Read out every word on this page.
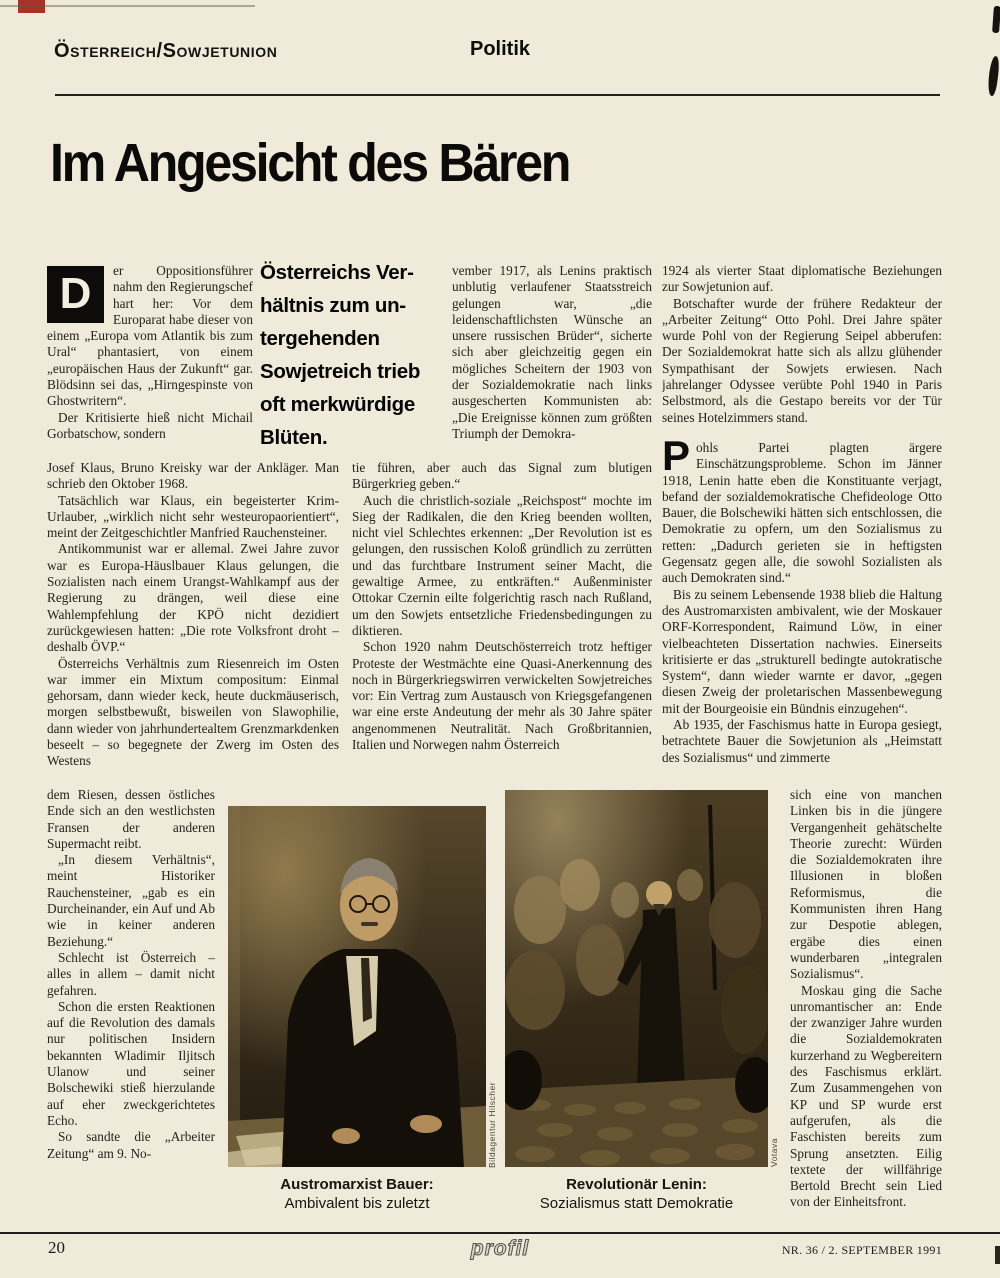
Österreich/Sowjetunion	Politik
Im Angesicht des Bären

Österreichs Ver-

hältnis zum un-

tergehenden

Sowjetreich trieb

oft merkwürdige

Blüten.

D	er Oppositionsführer nahm den Regierungschef hart her: Vor dem Europarat habe dieser von einem „Europa vom Atlantik bis zum Ural“ phantasiert, von einem „europäischen Haus der Zukunft“ gar. Blödsinn sei das, „Hirngespinste von Ghostwritern“.

Der Kritisierte hieß nicht Michail Gorbatschow, sondern

vember 1917, als Lenins praktisch unblutig verlaufener Staatsstreich gelungen war, „die leidenschaftlichsten Wünsche an unsere russischen Brüder“, sicherte sich aber gleichzeitig gegen ein mögliches Scheitern der 1903 von der Sozialdemokratie nach links ausgescherten Kommunisten ab: „Die Ereignisse können zum größten Triumph der Demokra-

Josef Klaus, Bruno Kreisky war der Ankläger. Man schrieb den Oktober 1968.

Tatsächlich war Klaus, ein begeisterter Krim-Urlauber, „wirklich nicht sehr westeuropaorientiert“, meint der Zeitgeschichtler Manfried Rauchensteiner.

Antikommunist war er allemal. Zwei Jahre zuvor war es Europa-Häuslbauer Klaus gelungen, die Sozialisten nach einem Urangst-Wahlkampf aus der Regierung zu drängen, weil diese eine Wahlempfehlung der KPÖ nicht dezidiert zurückgewiesen hatten: „Die rote Volksfront droht – deshalb ÖVP.“

Österreichs Verhältnis zum Riesenreich im Osten war immer ein Mixtum compositum: Einmal gehorsam, dann wieder keck, heute duckmäuserisch, morgen selbstbewußt, bisweilen von Slawophilie, dann wieder von jahrhundertealtem Grenzmarkdenken beseelt – so begegnete der Zwerg im Osten des Westens

tie führen, aber auch das Signal zum blutigen Bürgerkrieg geben.“

Auch die christlich-soziale „Reichspost“ mochte im Sieg der Radikalen, die den Krieg beenden wollten, nicht viel Schlechtes erkennen: „Der Revolution ist es gelungen, den russischen Koloß gründlich zu zerrütten und das furchtbare Instrument seiner Macht, die gewaltige Armee, zu entkräften.“ Außenminister Ottokar Czernin eilte folgerichtig rasch nach Rußland, um den Sowjets entsetzliche Friedensbedingungen zu diktieren.

Schon 1920 nahm Deutschösterreich trotz heftiger Proteste der Westmächte eine Quasi-Anerkennung des noch in Bürgerkriegswirren verwickelten Sowjetreiches vor: Ein Vertrag zum Austausch von Kriegsgefangenen war eine erste Andeutung der mehr als 30 Jahre später angenommenen Neutralität. Nach Großbritannien, Italien und Norwegen nahm Österreich

1924 als vierter Staat diplomatische Beziehungen zur Sowjetunion auf.

Botschafter wurde der frühere Redakteur der „Arbeiter Zeitung“ Otto Pohl. Drei Jahre später wurde Pohl von der Regierung Seipel abberufen: Der Sozialdemokrat hatte sich als allzu glühender Sympathisant der Sowjets erwiesen. Nach jahrelanger Odyssee verübte Pohl 1940 in Paris Selbstmord, als die Gestapo bereits vor der Tür seines Hotelzimmers stand.

P ohls Partei plagten ärgere Einschätzungsprobleme. Schon im Jänner 1918, Lenin hatte eben die Konstituante verjagt, befand der sozialdemokratische Chefideologe Otto Bauer, die Bolschewiki hätten sich entschlossen, die Demokratie zu opfern, um den Sozialismus zu retten: „Dadurch gerieten sie in heftigsten Gegensatz gegen alle, die sowohl Sozialisten als auch Demokraten sind.“

Bis zu seinem Lebensende 1938 blieb die Haltung des Austromarxisten ambivalent, wie der Moskauer ORF-Korrespondent, Raimund Löw, in einer vielbeachteten Dissertation nachwies. Einerseits kritisierte er das „strukturell bedingte autokratische System“, dann wieder warnte er davor, „gegen diesen Zweig der proletarischen Massenbewegung mit der Bourgeoisie ein Bündnis einzugehen“.

Ab 1935, der Faschismus hatte in Europa gesiegt, betrachtete Bauer die Sowjetunion als „Heimstatt des Sozialismus“ und zimmerte

dem Riesen, dessen östliches Ende sich an den westlichsten Fransen der anderen Supermacht reibt.

„In diesem Verhältnis“, meint Historiker Rauchensteiner, „gab es ein Durcheinander, ein Auf und Ab wie in keiner anderen Beziehung.“

Schlecht ist Österreich – alles in allem – damit nicht gefahren.

Schon die ersten Reaktionen auf die Revolution des damals nur politischen Insidern bekannten Wladimir Iljitsch Ulanow und seiner Bolschewiki stieß hierzulande auf eher zweckgerichtetes Echo.

So sandte die „Arbeiter Zeitung“ am 9. No-

sich eine von manchen Linken bis in die jüngere Vergangenheit gehätschelte Theorie zurecht: Würden die Sozialdemokraten ihre Illusionen in bloßen Reformismus, die Kommunisten ihren Hang zur Despotie ablegen, ergäbe dies einen wunderbaren „integralen Sozialismus“.

Moskau ging die Sache unromantischer an: Ende der zwanziger Jahre wurden die Sozialdemokraten kurzerhand zu Wegbereitern des Faschismus erklärt. Zum Zusammengehen von KP und SP wurde erst aufgerufen, als die Faschisten bereits zum Sprung ansetzten. Eilig textete der willfährige Bertold Brecht sein Lied von der Einheitsfront.

Bildagentur Hilscher	Votava

Austromarxist Bauer:

Ambivalent bis zuletzt

Revolutionär Lenin:

Sozialismus statt Demokratie

20	profil	NR. 36 / 2. SEPTEMBER 1991
